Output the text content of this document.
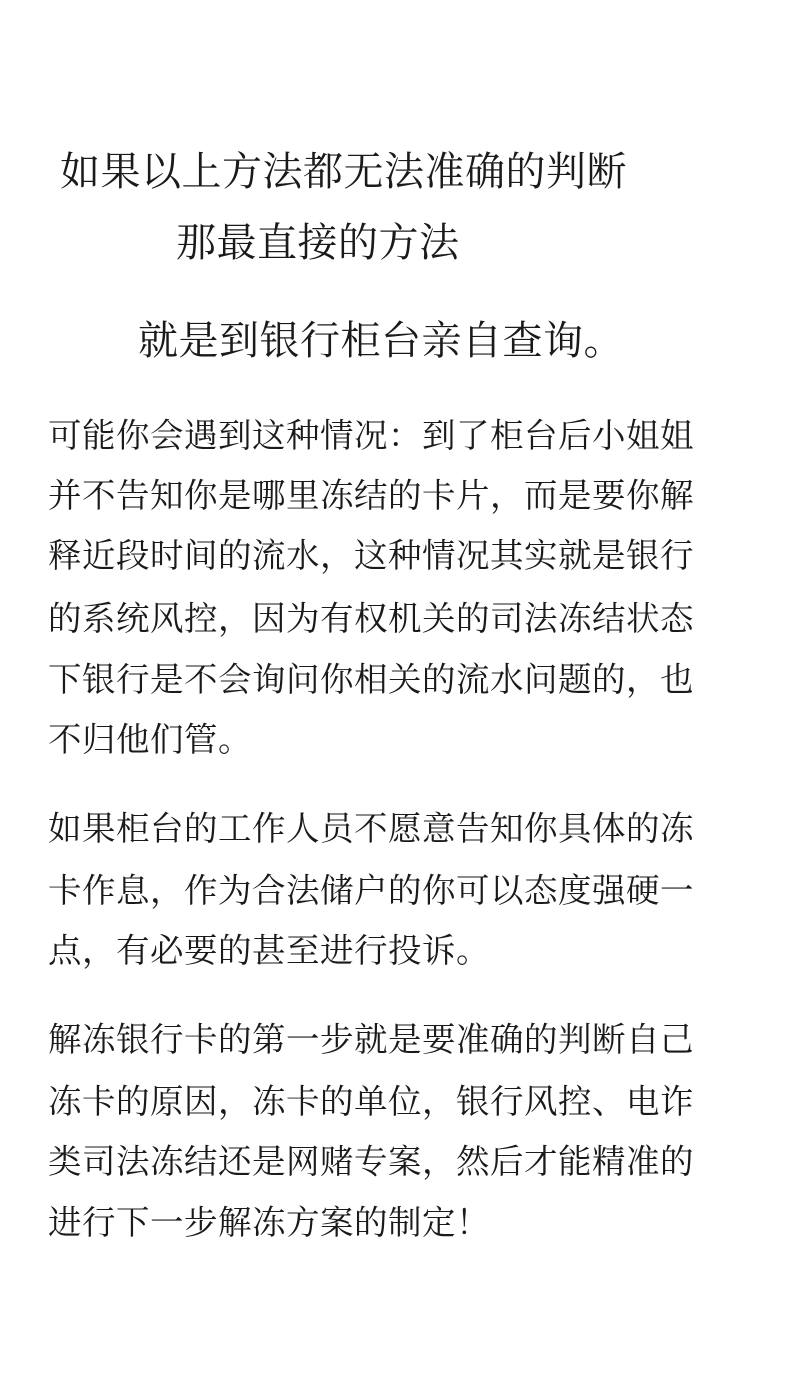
如果以上方法都无法准确的判断

那最直接的方法

就是到银行柜台亲自查询。

可能你会遇到这种情况：到了柜台后小姐姐

并不告知你是哪里冻结的卡片，而是要你解

释近段时间的流水，这种情况其实就是银行

的系统风控，因为有权机关的司法冻结状态

下银行是不会询问你相关的流水问题的，也

不归他们管。

如果柜台的工作人员不愿意告知你具体的冻

卡作息，作为合法储户的你可以态度强硬一

点，有必要的甚至进行投诉。

解冻银行卡的第一步就是要准确的判断自己

冻卡的原因，冻卡的单位，银行风控、电诈

类司法冻结还是网赌专案，然后才能精准的

进行下一步解冻方案的制定！
